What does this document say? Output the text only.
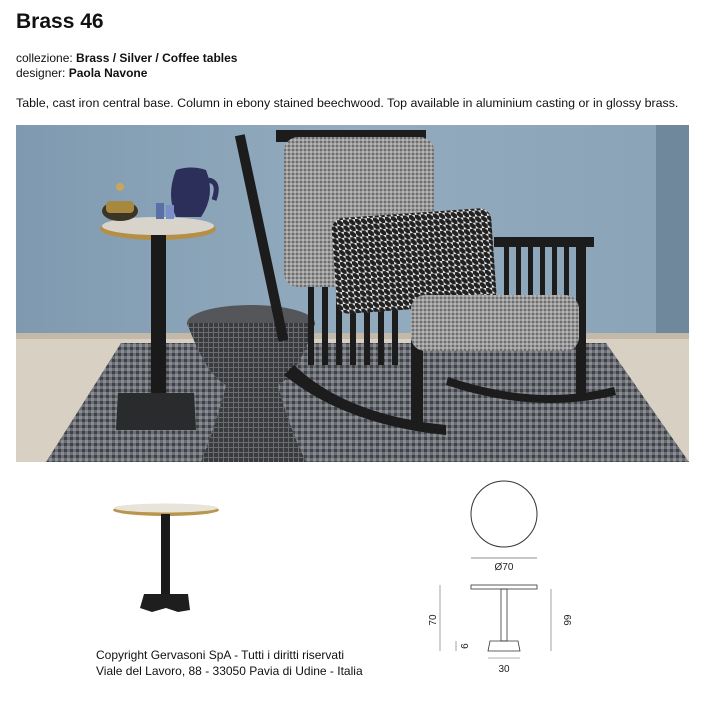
Brass 46
collezione: Brass / Silver / Coffee tables
designer: Paola Navone
Table, cast iron central base. Column in ebony stained beechwood. Top available in aluminium casting or in glossy brass.
Ø70
70	66
9
30
Copyright Gervasoni SpA - Tutti i diritti riservati
Viale del Lavoro, 88 - 33050 Pavia di Udine - Italia
